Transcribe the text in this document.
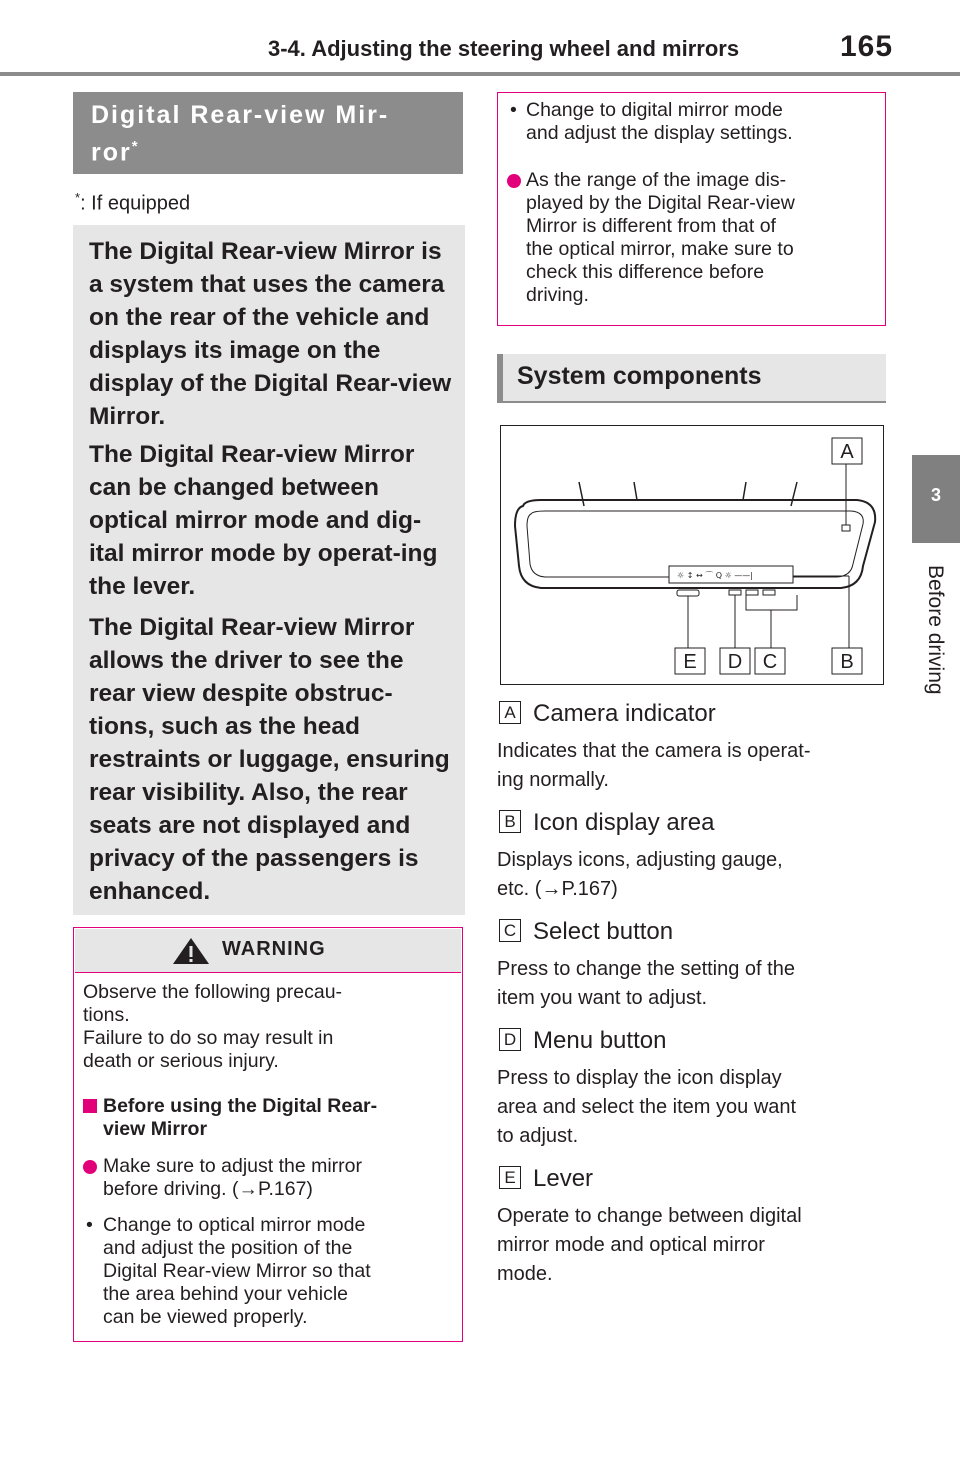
3-4. Adjusting the steering wheel and mirrors	165
3
Before driving
Digital Rear-view Mir-
ror*
*: If equipped

The Digital Rear-view Mirror is a system that uses the camera on the rear of the vehicle and displays its image on the display of the Digital Rear-view Mirror.

The Digital Rear-view Mirror can be changed between optical mirror mode and dig-ital mirror mode by operat-ing the lever.

The Digital Rear-view Mirror allows the driver to see the rear view despite obstruc-tions, such as the head restraints or luggage, ensuring rear visibility. Also, the rear seats are not displayed and privacy of the passengers is enhanced.

WARNING
Observe the following precau-
tions.
Failure to do so may result in
death or serious injury.
Before using the Digital Rear-
view Mirror
Make sure to adjust the mirror
before driving. (→P.167)
• Change to optical mirror mode
and adjust the position of the
Digital Rear-view Mirror so that
the area behind your vehicle
can be viewed properly.
• Change to digital mirror mode
and adjust the display settings.
As the range of the image dis-
played by the Digital Rear-view
Mirror is different from that of
the optical mirror, make sure to
check this difference before
driving.
System components
☼ ↕ ↔ ⌒ Q ☼ ——|
A
B
C
D
E
A Camera indicator
Indicates that the camera is operat-
ing normally.
B Icon display area
Displays icons, adjusting gauge,
etc. (→P.167)
C Select button
Press to change the setting of the
item you want to adjust.
D Menu button
Press to display the icon display
area and select the item you want
to adjust.
E Lever
Operate to change between digital
mirror mode and optical mirror
mode.
